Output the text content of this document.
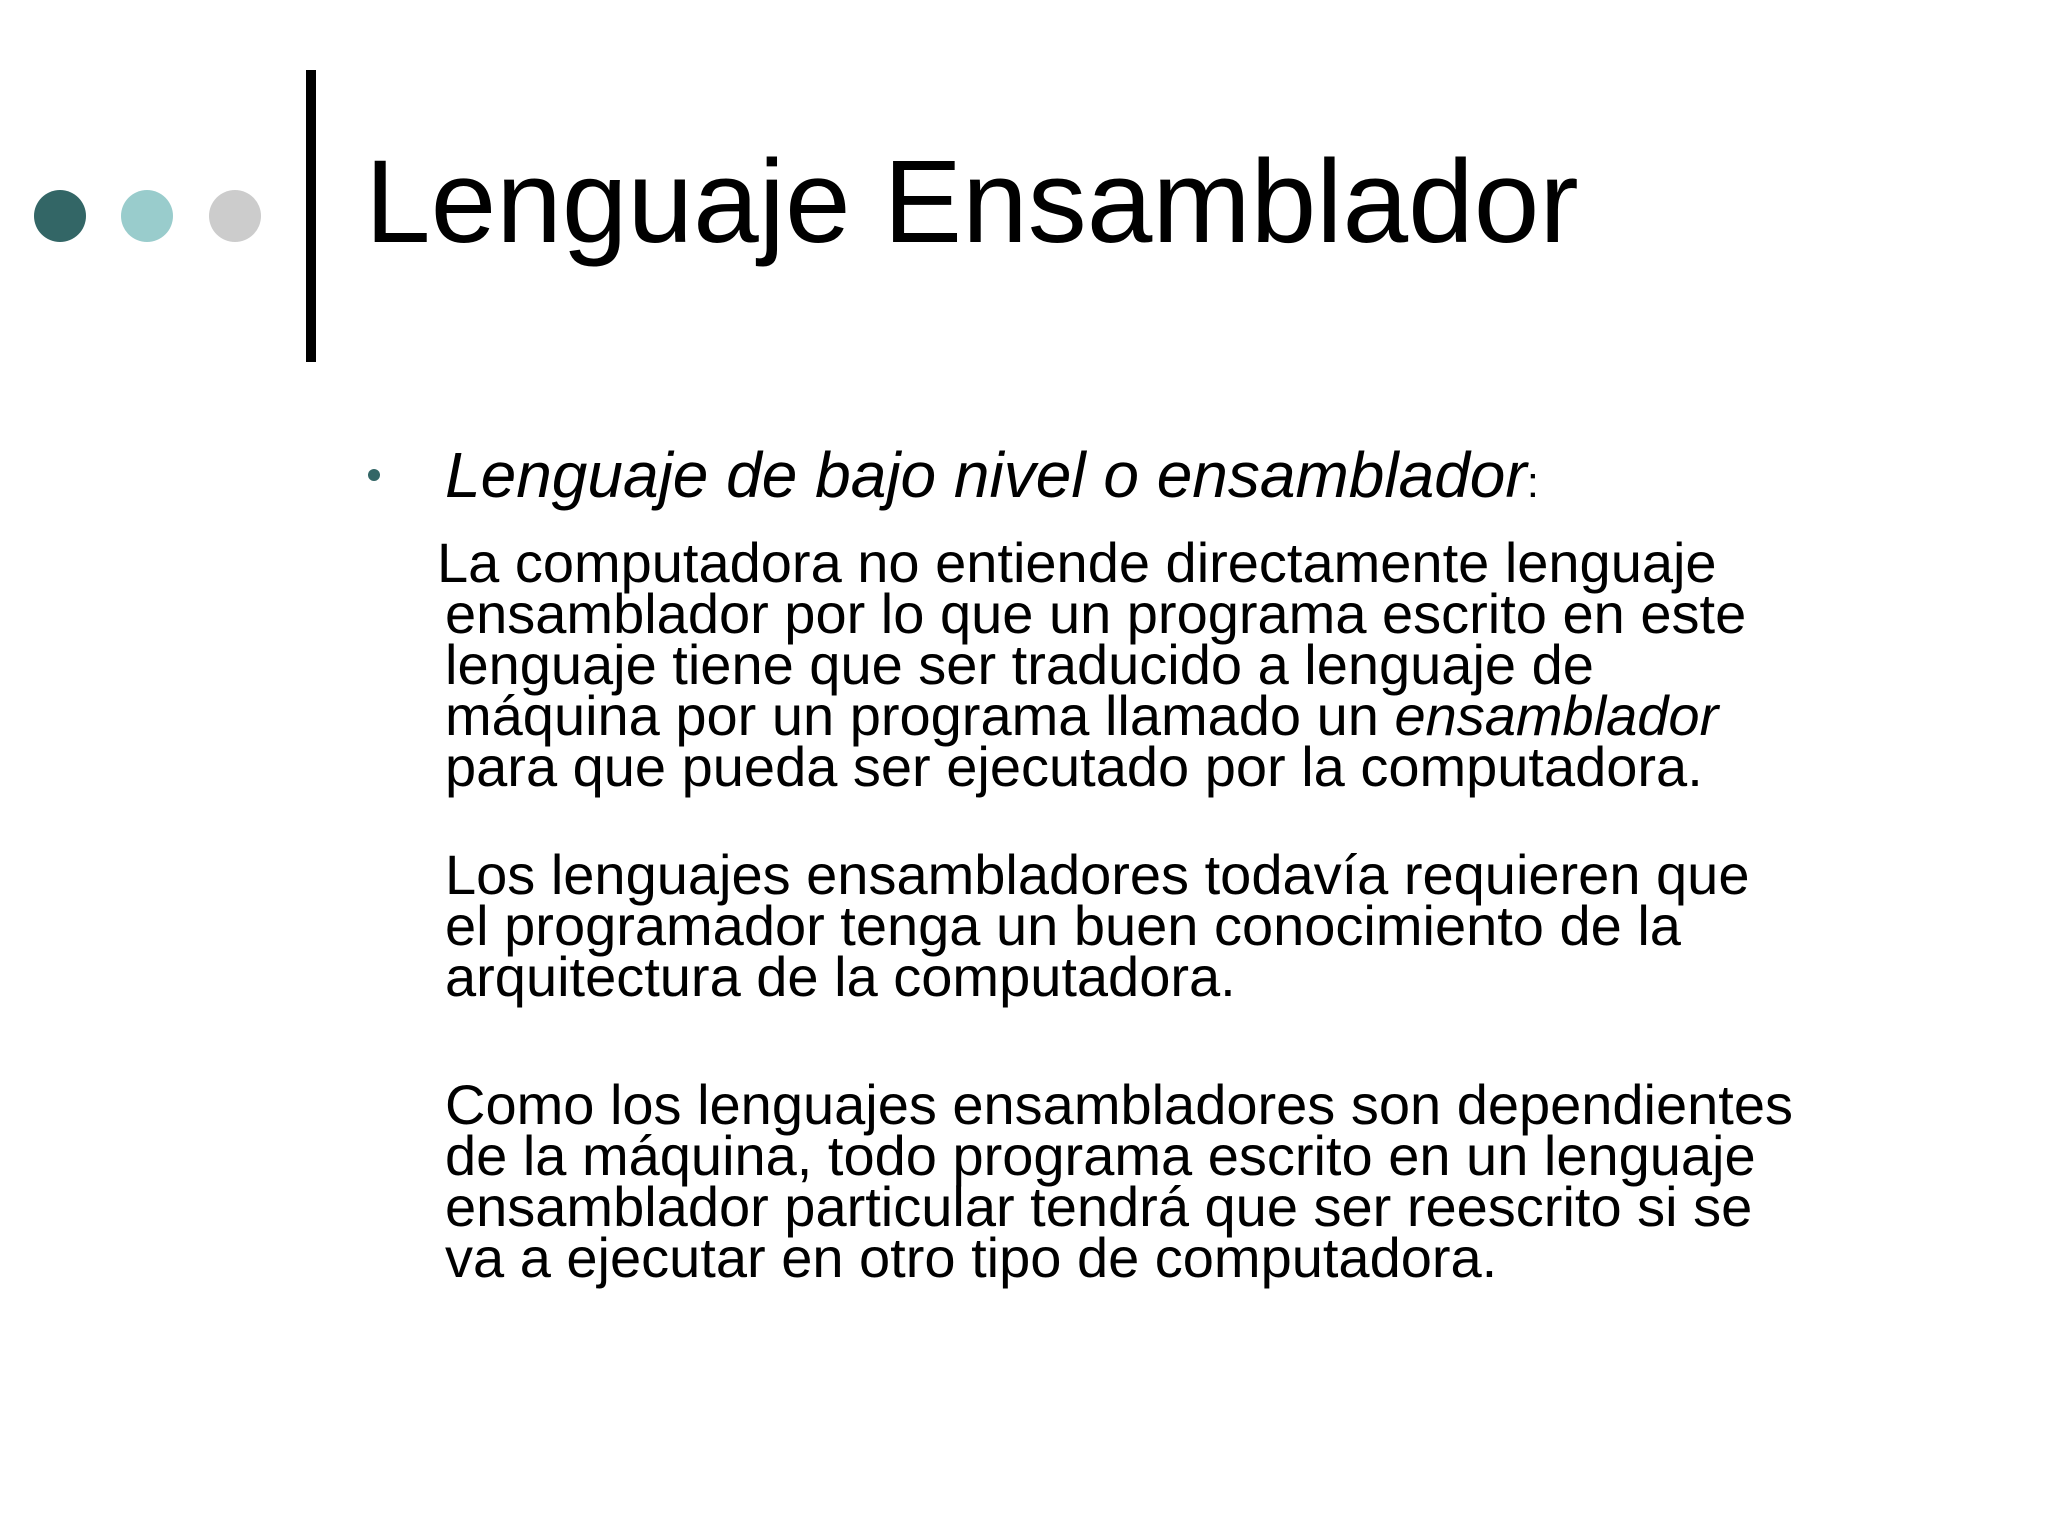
Lenguaje Ensamblador
Lenguaje de bajo nivel o ensamblador:
La computadora no entiende directamente lenguaje
ensamblador por lo que un programa escrito en este
lenguaje tiene que ser traducido a lenguaje de
máquina por un programa llamado un ensamblador
para que pueda ser ejecutado por la computadora.
Los lenguajes ensambladores todavía requieren que
el programador tenga un buen conocimiento de la
arquitectura de la computadora.
Como los lenguajes ensambladores son dependientes
de la máquina, todo programa escrito en un lenguaje
ensamblador particular tendrá que ser reescrito si se
va a ejecutar en otro tipo de computadora.
